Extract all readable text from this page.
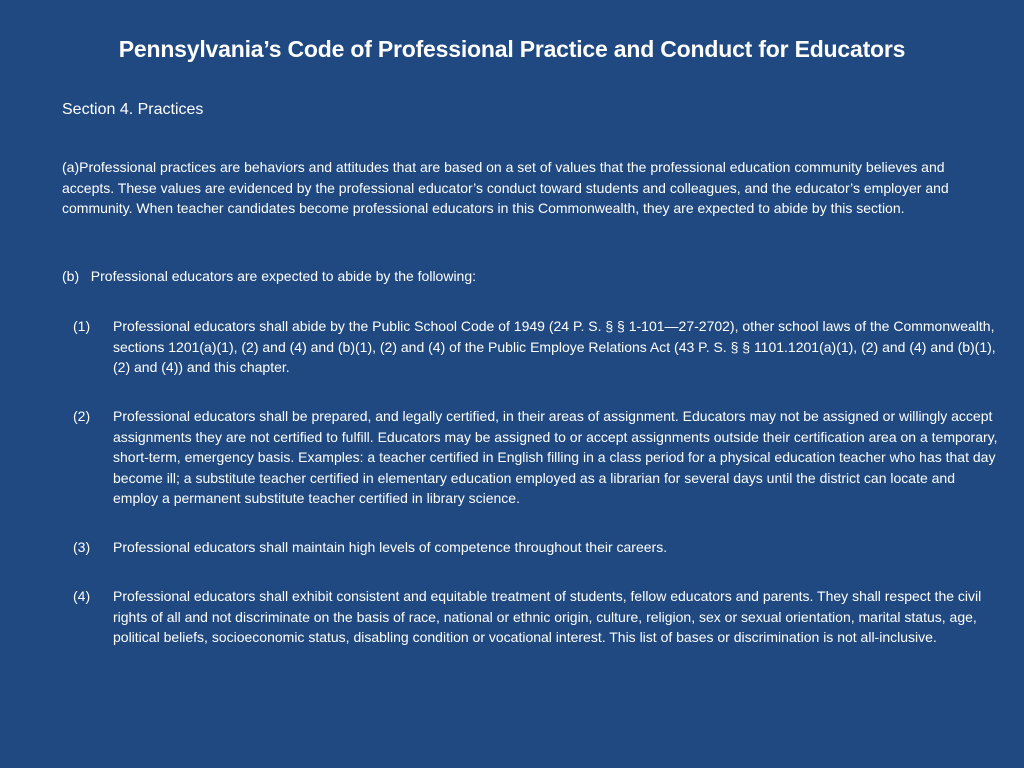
Pennsylvania’s Code of Professional Practice and Conduct for Educators

Section 4. Practices

(a)Professional practices are behaviors and attitudes that are based on a set of values that the professional education community believes and accepts. These values are evidenced by the professional educator’s conduct toward students and colleagues, and the educator’s employer and community. When teacher candidates become professional educators in this Commonwealth, they are expected to abide by this section.

(b)   Professional educators are expected to abide by the following:

(1) Professional educators shall abide by the Public School Code of 1949 (24 P. S. § § 1-101—27-2702), other school laws of the Commonwealth, sections 1201(a)(1), (2) and (4) and (b)(1), (2) and (4) of the Public Employe Relations Act (43 P. S. § § 1101.1201(a)(1), (2) and (4) and (b)(1), (2) and (4)) and this chapter.
(2) Professional educators shall be prepared, and legally certified, in their areas of assignment. Educators may not be assigned or willingly accept assignments they are not certified to fulfill. Educators may be assigned to or accept assignments outside their certification area on a temporary, short-term, emergency basis. Examples: a teacher certified in English filling in a class period for a physical education teacher who has that day become ill; a substitute teacher certified in elementary education employed as a librarian for several days until the district can locate and employ a permanent substitute teacher certified in library science.
(3) Professional educators shall maintain high levels of competence throughout their careers.
(4) Professional educators shall exhibit consistent and equitable treatment of students, fellow educators and parents. They shall respect the civil rights of all and not discriminate on the basis of race, national or ethnic origin, culture, religion, sex or sexual orientation, marital status, age, political beliefs, socioeconomic status, disabling condition or vocational interest. This list of bases or discrimination is not all-inclusive.
